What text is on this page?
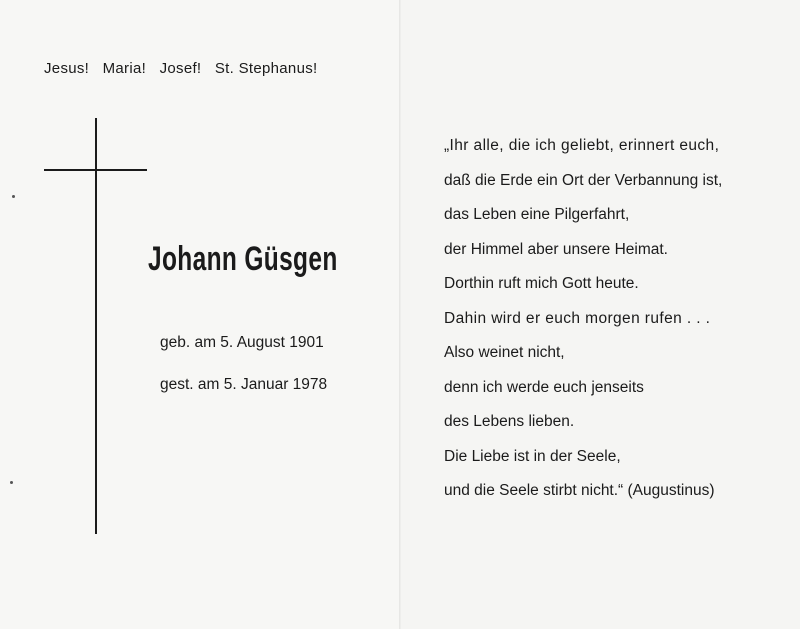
Jesus! Maria! Josef! St. Stephanus!
Johann Güsgen
geb. am 5. August 1901
gest. am 5. Januar 1978
„Ihr alle, die ich geliebt, erinnert euch,
daß die Erde ein Ort der Verbannung ist,
das Leben eine Pilgerfahrt,
der Himmel aber unsere Heimat.
Dorthin ruft mich Gott heute.
Dahin wird er euch morgen rufen . . .
Also weinet nicht,
denn ich werde euch jenseits
des Lebens lieben.
Die Liebe ist in der Seele,
und die Seele stirbt nicht.“ (Augustinus)
